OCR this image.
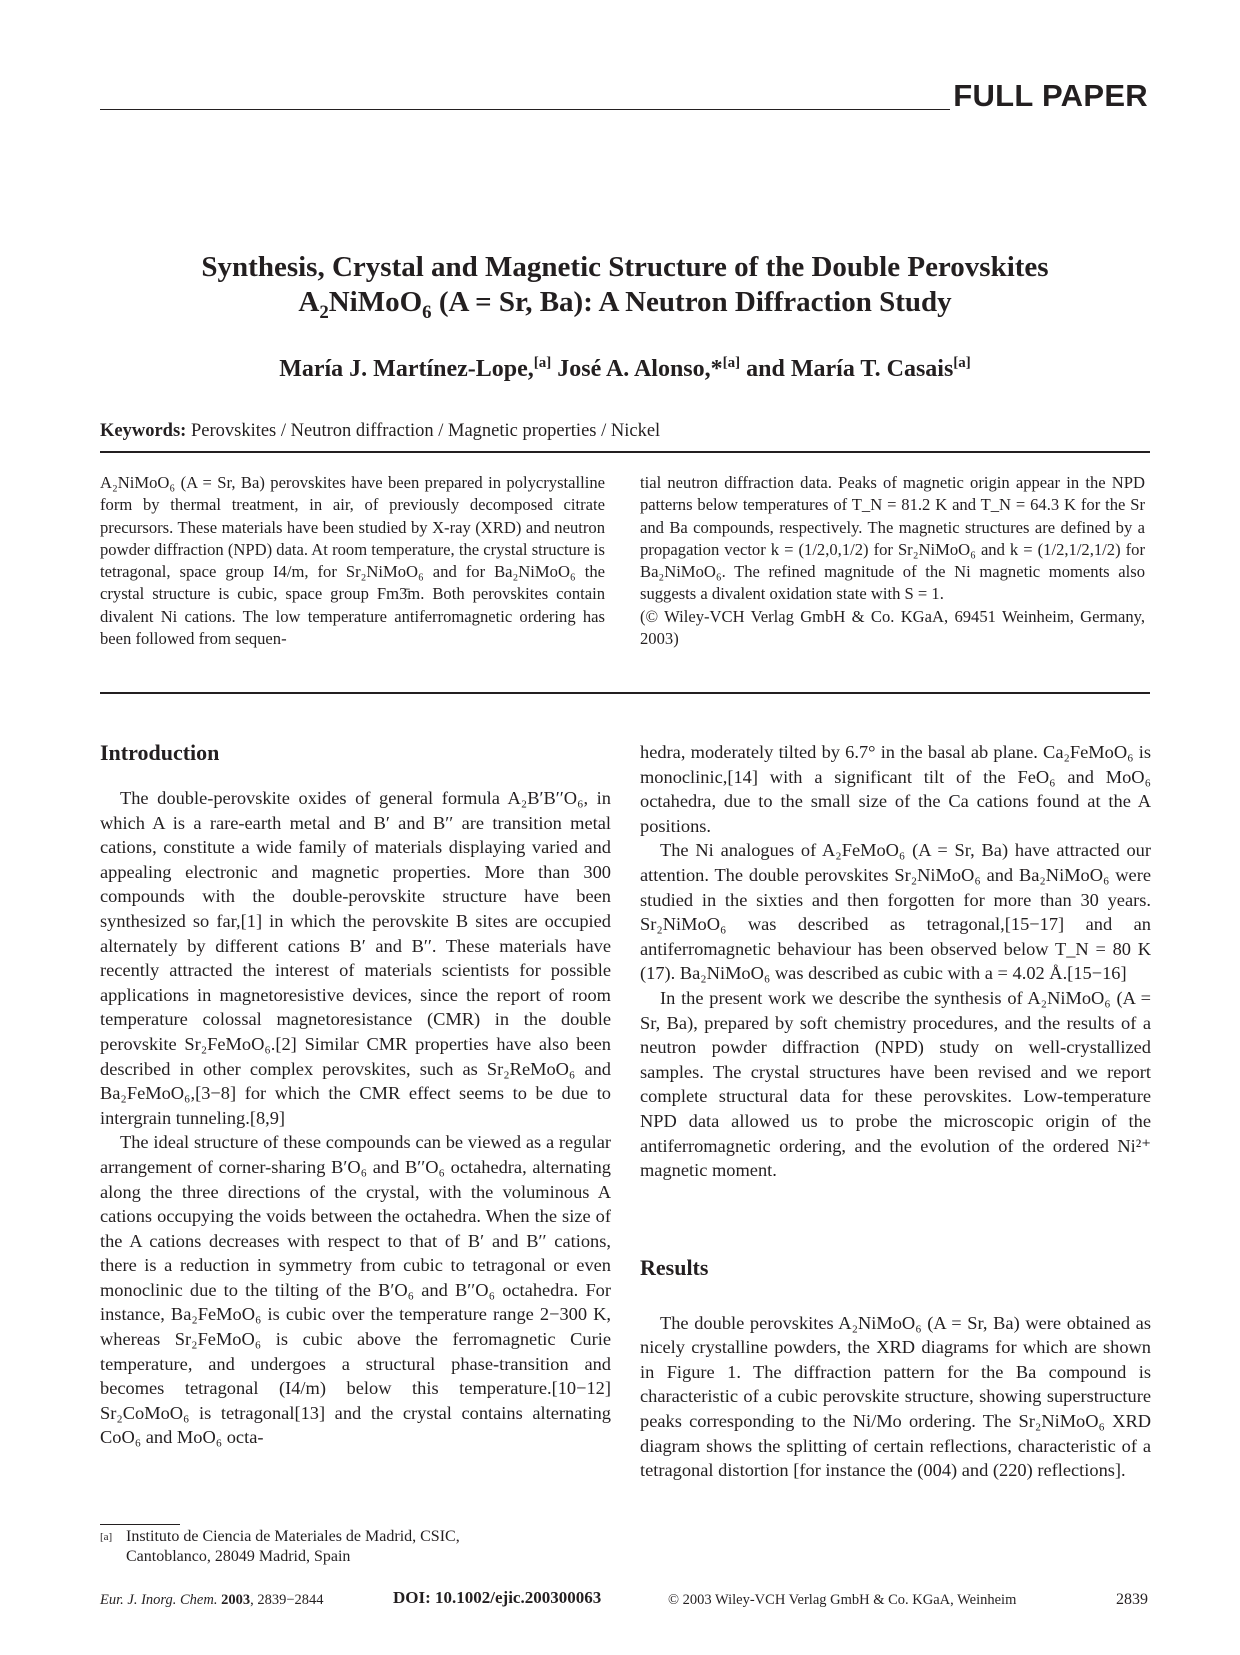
FULL PAPER
Synthesis, Crystal and Magnetic Structure of the Double Perovskites
$A_2NiMoO_6$ (A = Sr, Ba): A Neutron Diffraction Study
María J. Martínez-Lope,[a] José A. Alonso,*[a] and María T. Casais[a]
Keywords: Perovskites / Neutron diffraction / Magnetic properties / Nickel

A₂NiMoO₆ (A = Sr, Ba) perovskites have been prepared in polycrystalline form by thermal treatment, in air, of previously decomposed citrate precursors. These materials have been studied by X-ray (XRD) and neutron powder diffraction (NPD) data. At room temperature, the crystal structure is tetragonal, space group I4/m, for Sr₂NiMoO₆ and for Ba₂NiMoO₆ the crystal structure is cubic, space group Fm3̄m. Both perovskites contain divalent Ni cations. The low temperature antiferromagnetic ordering has been followed from sequen-

tial neutron diffraction data. Peaks of magnetic origin appear in the NPD patterns below temperatures of T_N = 81.2 K and T_N = 64.3 K for the Sr and Ba compounds, respectively. The magnetic structures are defined by a propagation vector k = (1/2,0,1/2) for Sr₂NiMoO₆ and k = (1/2,1/2,1/2) for Ba₂NiMoO₆. The refined magnitude of the Ni magnetic moments also suggests a divalent oxidation state with S = 1.

(© Wiley-VCH Verlag GmbH & Co. KGaA, 69451 Weinheim, Germany, 2003)

Introduction

The double-perovskite oxides of general formula A₂B′B′′O₆, in which A is a rare-earth metal and B′ and B′′ are transition metal cations, constitute a wide family of materials displaying varied and appealing electronic and magnetic properties. More than 300 compounds with the double-perovskite structure have been synthesized so far,[1] in which the perovskite B sites are occupied alternately by different cations B′ and B′′. These materials have recently attracted the interest of materials scientists for possible applications in magnetoresistive devices, since the report of room temperature colossal magnetoresistance (CMR) in the double perovskite Sr₂FeMoO₆.[2] Similar CMR properties have also been described in other complex perovskites, such as Sr₂ReMoO₆ and Ba₂FeMoO₆,[3−8] for which the CMR effect seems to be due to intergrain tunneling.[8,9]

The ideal structure of these compounds can be viewed as a regular arrangement of corner-sharing B′O₆ and B′′O₆ octahedra, alternating along the three directions of the crystal, with the voluminous A cations occupying the voids between the octahedra. When the size of the A cations decreases with respect to that of B′ and B′′ cations, there is a reduction in symmetry from cubic to tetragonal or even monoclinic due to the tilting of the B′O₆ and B′′O₆ octahedra. For instance, Ba₂FeMoO₆ is cubic over the temperature range 2−300 K, whereas Sr₂FeMoO₆ is cubic above the ferromagnetic Curie temperature, and undergoes a structural phase-transition and becomes tetragonal (I4/m) below this temperature.[10−12] Sr₂CoMoO₆ is tetragonal[13] and the crystal contains alternating CoO₆ and MoO₆ octa-

hedra, moderately tilted by 6.7° in the basal ab plane. Ca₂FeMoO₆ is monoclinic,[14] with a significant tilt of the FeO₆ and MoO₆ octahedra, due to the small size of the Ca cations found at the A positions.

The Ni analogues of A₂FeMoO₆ (A = Sr, Ba) have attracted our attention. The double perovskites Sr₂NiMoO₆ and Ba₂NiMoO₆ were studied in the sixties and then forgotten for more than 30 years. Sr₂NiMoO₆ was described as tetragonal,[15−17] and an antiferromagnetic behaviour has been observed below T_N = 80 K (17). Ba₂NiMoO₆ was described as cubic with a = 4.02 Å.[15−16]

In the present work we describe the synthesis of A₂NiMoO₆ (A = Sr, Ba), prepared by soft chemistry procedures, and the results of a neutron powder diffraction (NPD) study on well-crystallized samples. The crystal structures have been revised and we report complete structural data for these perovskites. Low-temperature NPD data allowed us to probe the microscopic origin of the antiferromagnetic ordering, and the evolution of the ordered Ni²⁺ magnetic moment.

Results

The double perovskites A₂NiMoO₆ (A = Sr, Ba) were obtained as nicely crystalline powders, the XRD diagrams for which are shown in Figure 1. The diffraction pattern for the Ba compound is characteristic of a cubic perovskite structure, showing superstructure peaks corresponding to the Ni/Mo ordering. The Sr₂NiMoO₆ XRD diagram shows the splitting of certain reflections, characteristic of a tetragonal distortion [for instance the (004) and (220) reflections].

[a] Instituto de Ciencia de Materiales de Madrid, CSIC,
Cantoblanco, 28049 Madrid, Spain
Eur. J. Inorg. Chem. 2003, 2839−2844	DOI: 10.1002/ejic.200300063	© 2003 Wiley-VCH Verlag GmbH & Co. KGaA, Weinheim	2839
